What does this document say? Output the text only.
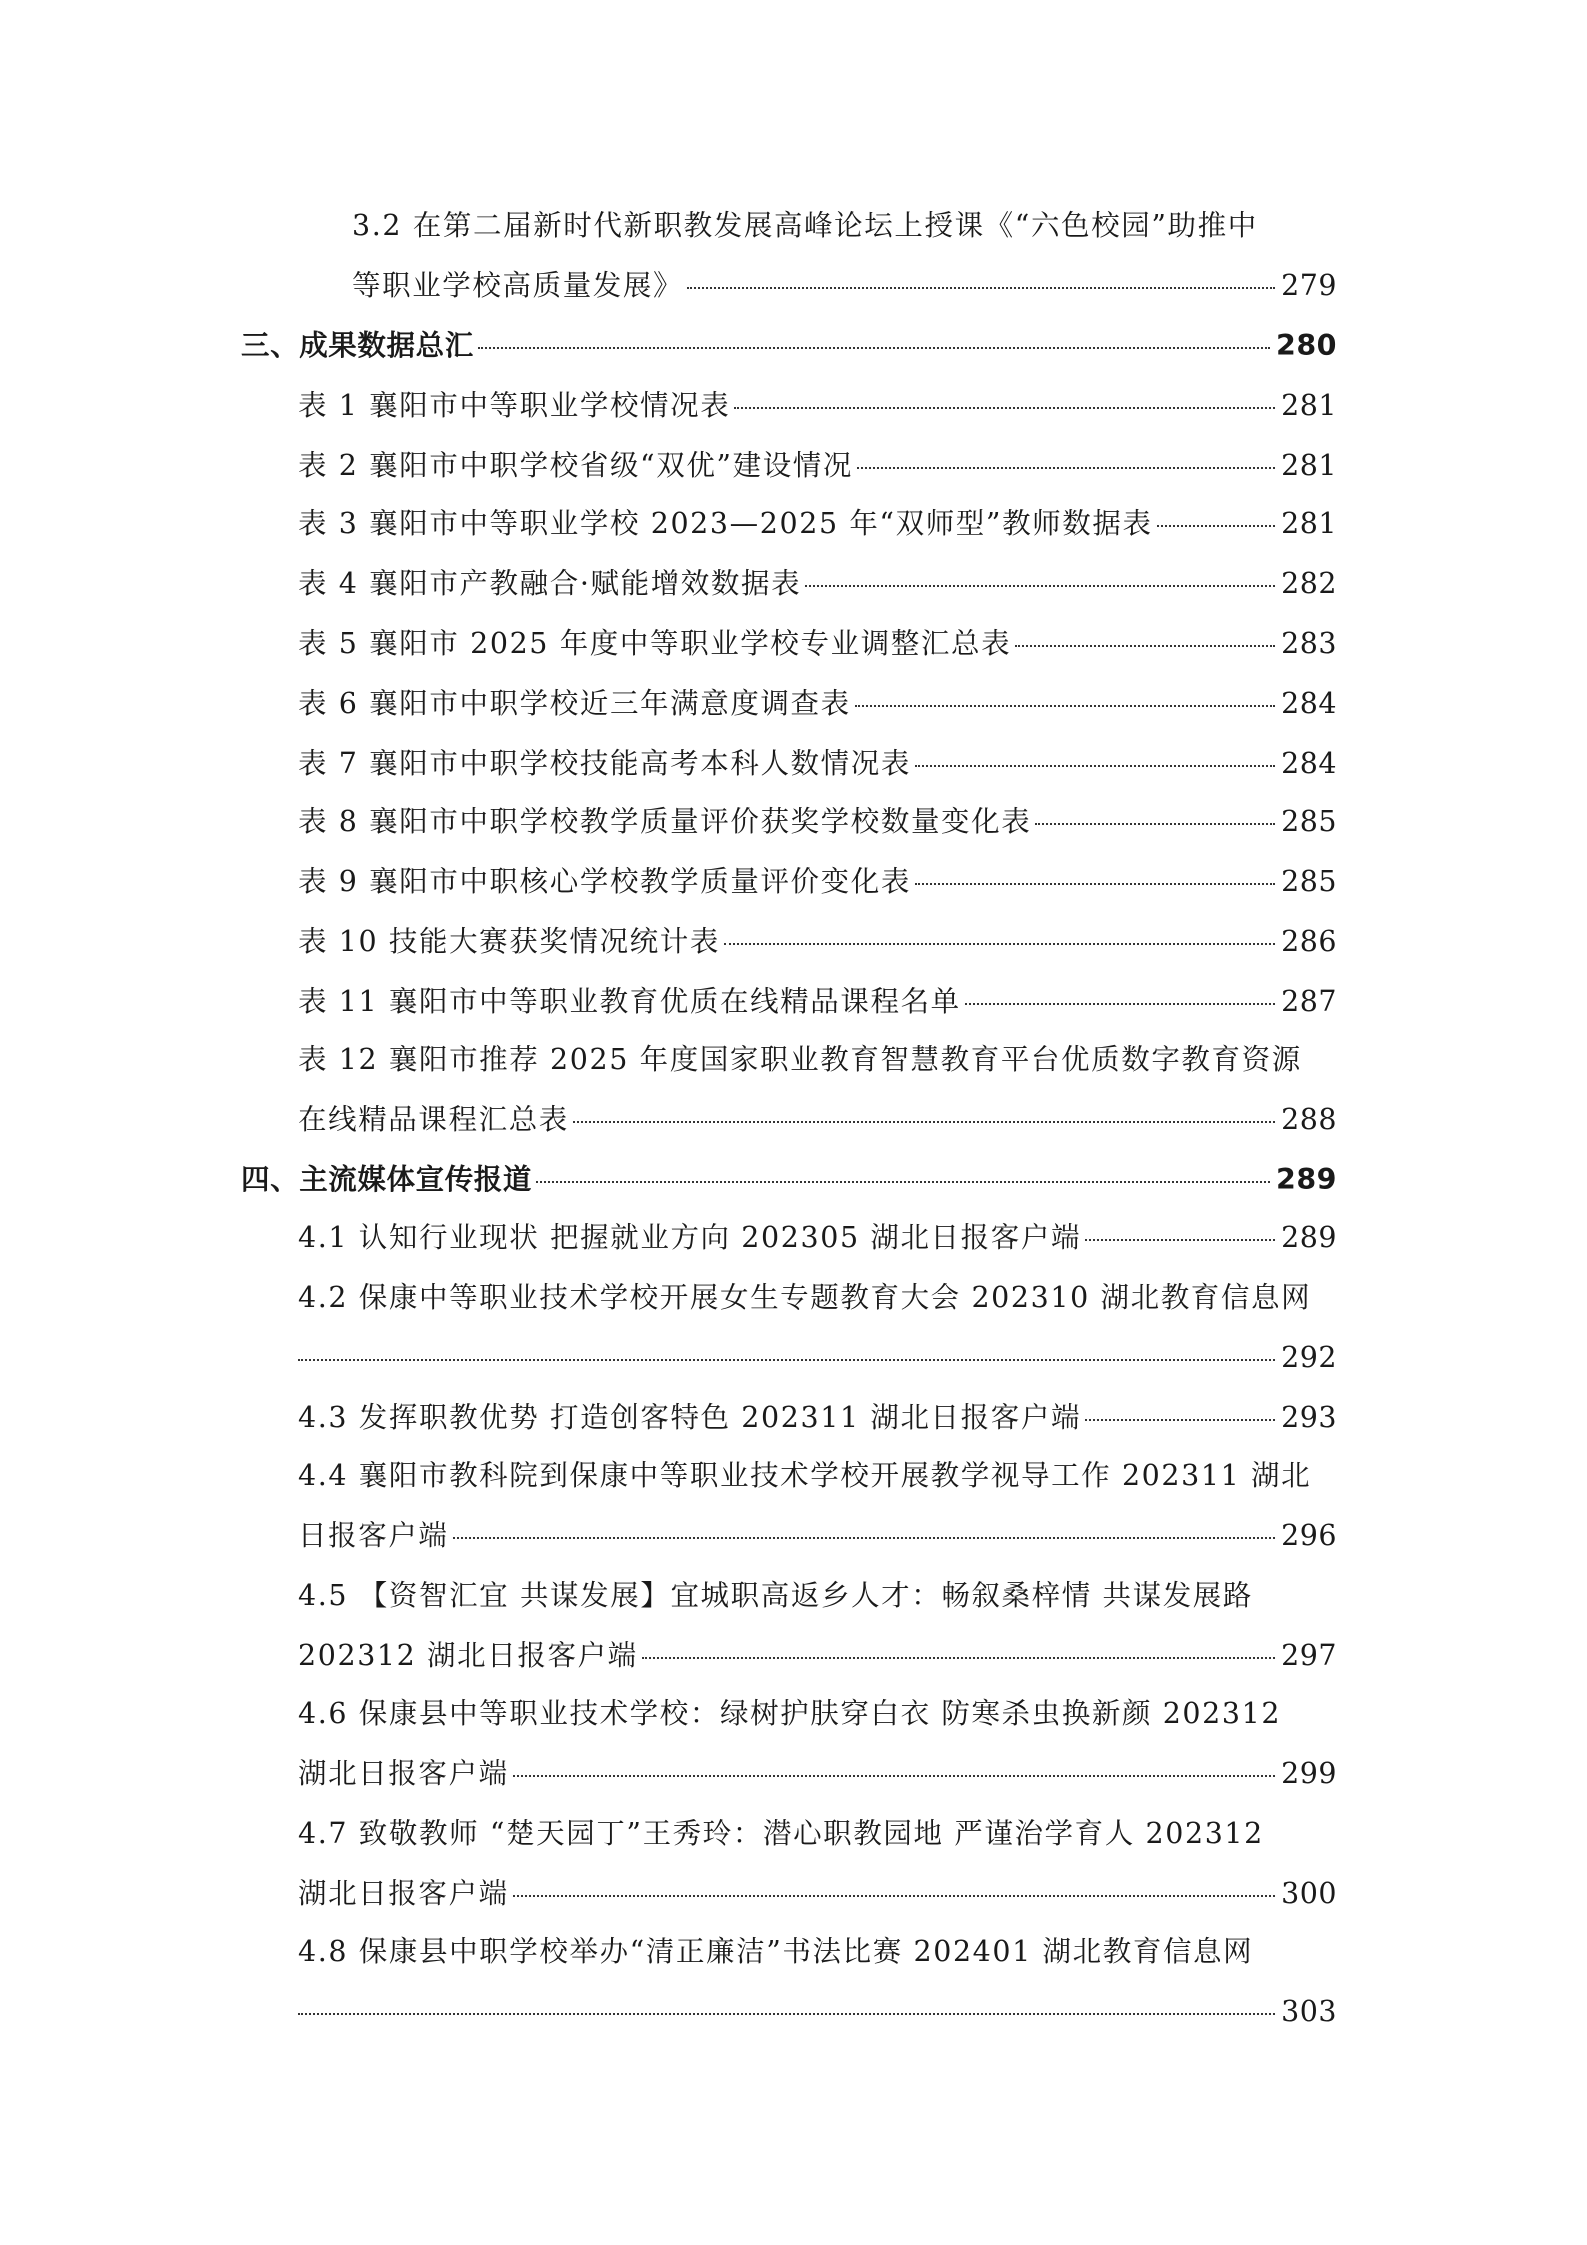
3.2 在第二届新时代新职教发展高峰论坛上授课《“六色校园”助推中
等职业学校高质量发展》	279
三、成果数据总汇	280
表 1 襄阳市中等职业学校情况表	281
表 2 襄阳市中职学校省级“双优”建设情况	281
表 3 襄阳市中等职业学校 2023—2025 年“双师型”教师数据表	281
表 4 襄阳市产教融合·赋能增效数据表	282
表 5 襄阳市 2025 年度中等职业学校专业调整汇总表	283
表 6 襄阳市中职学校近三年满意度调查表	284
表 7 襄阳市中职学校技能高考本科人数情况表	284
表 8 襄阳市中职学校教学质量评价获奖学校数量变化表	285
表 9 襄阳市中职核心学校教学质量评价变化表	285
表 10 技能大赛获奖情况统计表	286
表 11 襄阳市中等职业教育优质在线精品课程名单	287
表 12 襄阳市推荐 2025 年度国家职业教育智慧教育平台优质数字教育资源
在线精品课程汇总表	288
四、主流媒体宣传报道	289
4.1 认知行业现状 把握就业方向 202305 湖北日报客户端	289
4.2 保康中等职业技术学校开展女生专题教育大会 202310 湖北教育信息网
292
4.3 发挥职教优势 打造创客特色 202311 湖北日报客户端	293
4.4 襄阳市教科院到保康中等职业技术学校开展教学视导工作 202311 湖北
日报客户端	296
4.5 【资智汇宜 共谋发展】宜城职高返乡人才：畅叙桑梓情 共谋发展路
202312 湖北日报客户端	297
4.6 保康县中等职业技术学校：绿树护肤穿白衣 防寒杀虫换新颜 202312
湖北日报客户端	299
4.7 致敬教师 “楚天园丁”王秀玲：潜心职教园地 严谨治学育人 202312
湖北日报客户端	300
4.8 保康县中职学校举办“清正廉洁”书法比赛 202401 湖北教育信息网
303
